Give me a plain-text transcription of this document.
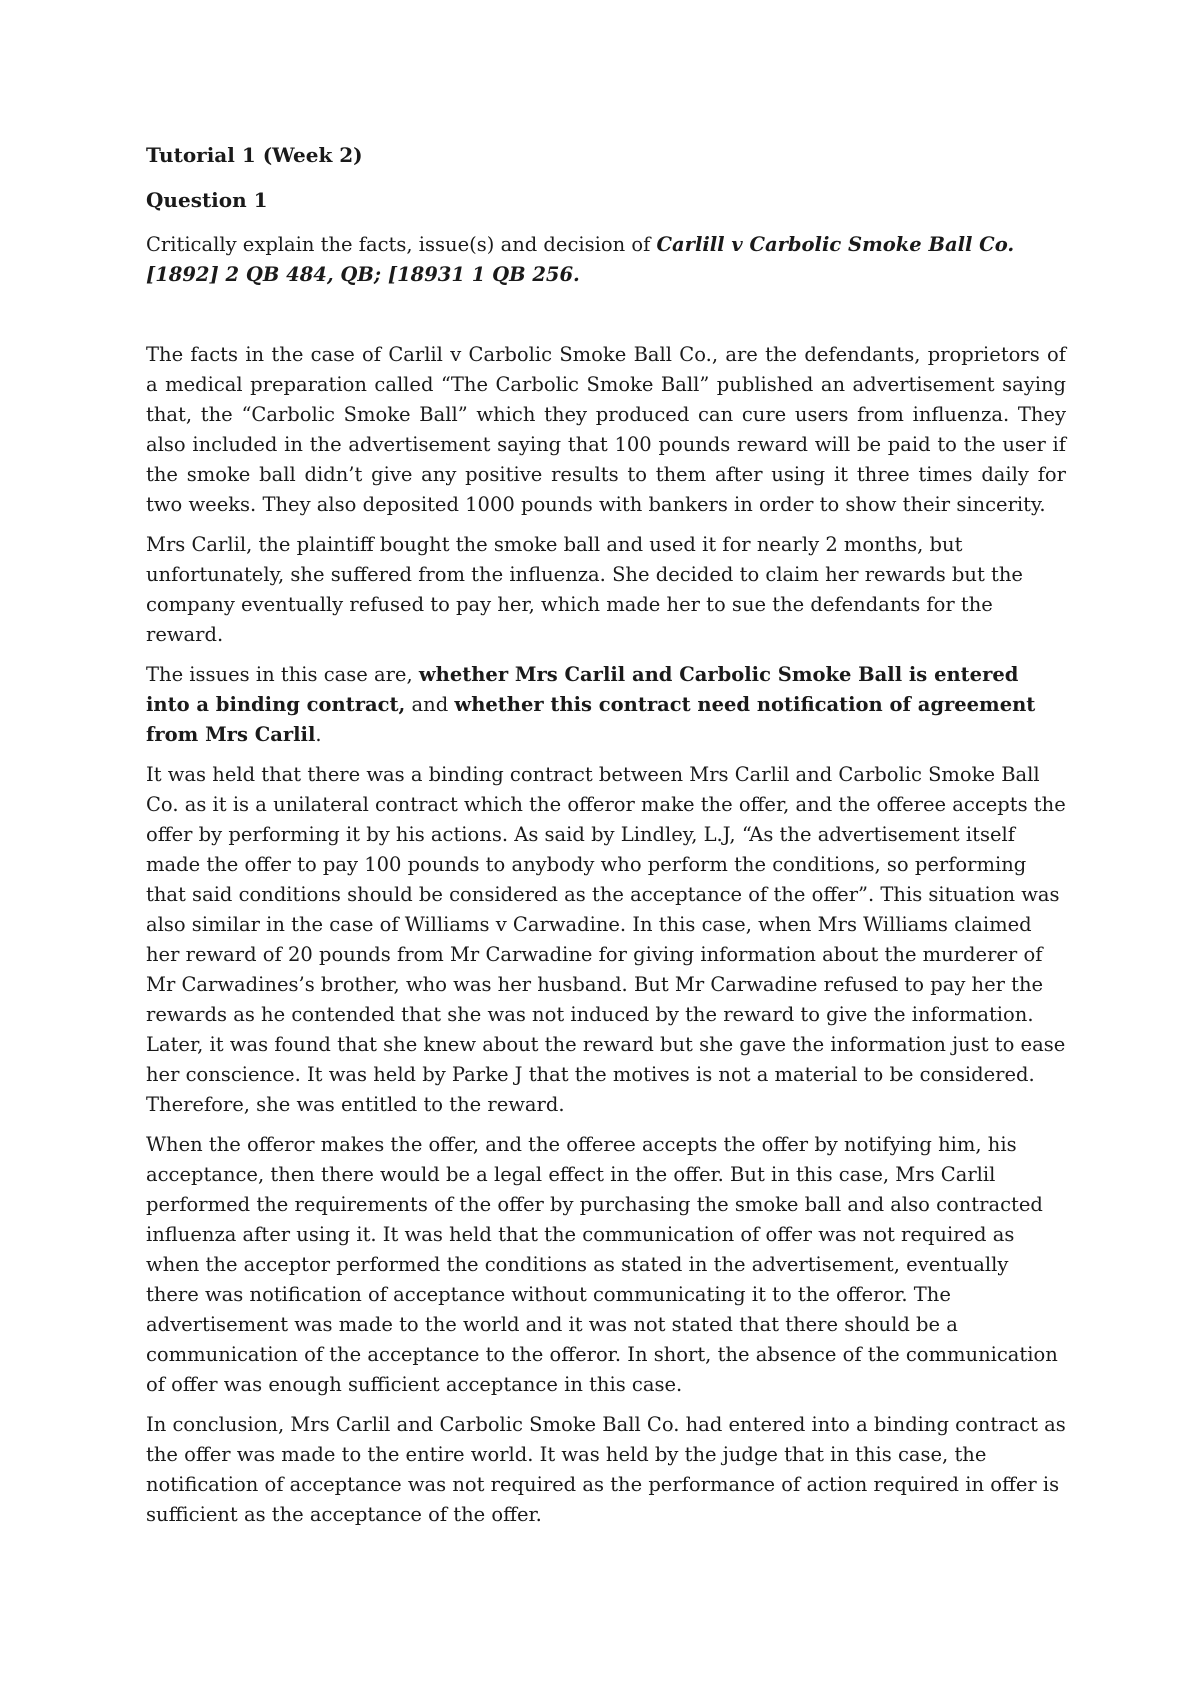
Tutorial 1 (Week 2)
Question 1
Critically explain the facts, issue(s) and decision of Carlill v Carbolic Smoke Ball Co. [1892] 2 QB 484, QB; [18931 1 QB 256.
The facts in the case of Carlil v Carbolic Smoke Ball Co., are the defendants, proprietors of a medical preparation called “The Carbolic Smoke Ball” published an advertisement saying that, the “Carbolic Smoke Ball” which they produced can cure users from influenza. They also included in the advertisement saying that 100 pounds reward will be paid to the user if the smoke ball didn’t give any positive results to them after using it three times daily for two weeks. They also deposited 1000 pounds with bankers in order to show their sincerity.
Mrs Carlil, the plaintiff bought the smoke ball and used it for nearly 2 months, but unfortunately, she suffered from the influenza. She decided to claim her rewards but the company eventually refused to pay her, which made her to sue the defendants for the reward.
The issues in this case are, whether Mrs Carlil and Carbolic Smoke Ball is entered into a binding contract, and whether this contract need notification of agreement from Mrs Carlil.
It was held that there was a binding contract between Mrs Carlil and Carbolic Smoke Ball Co. as it is a unilateral contract which the offeror make the offer, and the offeree accepts the offer by performing it by his actions. As said by Lindley, L.J, “As the advertisement itself made the offer to pay 100 pounds to anybody who perform the conditions, so performing that said conditions should be considered as the acceptance of the offer”. This situation was also similar in the case of Williams v Carwadine. In this case, when Mrs Williams claimed her reward of 20 pounds from Mr Carwadine for giving information about the murderer of Mr Carwadines’s brother, who was her husband. But Mr Carwadine refused to pay her the rewards as he contended that she was not induced by the reward to give the information. Later, it was found that she knew about the reward but she gave the information just to ease her conscience. It was held by Parke J that the motives is not a material to be considered. Therefore, she was entitled to the reward.
When the offeror makes the offer, and the offeree accepts the offer by notifying him, his acceptance, then there would be a legal effect in the offer. But in this case, Mrs Carlil performed the requirements of the offer by purchasing the smoke ball and also contracted influenza after using it. It was held that the communication of offer was not required as when the acceptor performed the conditions as stated in the advertisement, eventually there was notification of acceptance without communicating it to the offeror. The advertisement was made to the world and it was not stated that there should be a communication of the acceptance to the offeror. In short, the absence of the communication of offer was enough sufficient acceptance in this case.
In conclusion, Mrs Carlil and Carbolic Smoke Ball Co. had entered into a binding contract as the offer was made to the entire world. It was held by the judge that in this case, the notification of acceptance was not required as the performance of action required in offer is sufficient as the acceptance of the offer.
